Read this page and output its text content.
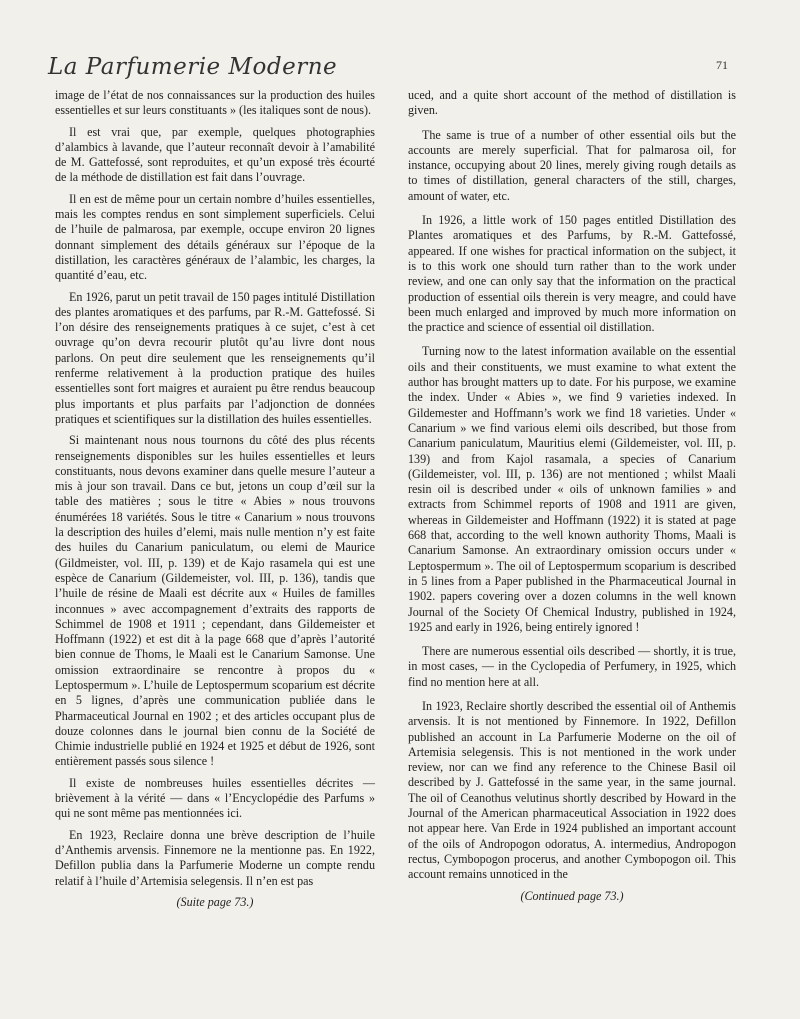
La Parfumerie Moderne	71

image de l’état de nos connaissances sur la production des huiles essentielles et sur leurs constituants » (les italiques sont de nous).

Il est vrai que, par exemple, quelques photographies d’alambics à lavande, que l’auteur reconnaît devoir à l’amabilité de M. Gattefossé, sont reproduites, et qu’un exposé très écourté de la méthode de distillation est fait dans l’ouvrage.

Il en est de même pour un certain nombre d’huiles essentielles, mais les comptes rendus en sont simplement superficiels. Celui de l’huile de palmarosa, par exemple, occupe environ 20 lignes donnant simplement des détails généraux sur l’époque de la distillation, les caractères généraux de l’alambic, les charges, la quantité d’eau, etc.

En 1926, parut un petit travail de 150 pages intitulé Distillation des plantes aromatiques et des parfums, par R.-M. Gattefossé. Si l’on désire des renseignements pratiques à ce sujet, c’est à cet ouvrage qu’on devra recourir plutôt qu’au livre dont nous parlons. On peut dire seulement que les renseignements qu’il renferme relativement à la production pratique des huiles essentielles sont fort maigres et auraient pu être rendus beaucoup plus importants et plus parfaits par l’adjonction de données pratiques et scientifiques sur la distillation des huiles essentielles.

Si maintenant nous nous tournons du côté des plus récents renseignements disponibles sur les huiles essentielles et leurs constituants, nous devons examiner dans quelle mesure l’auteur a mis à jour son travail. Dans ce but, jetons un coup d’œil sur la table des matières ; sous le titre « Abies » nous trouvons énumérées 18 variétés. Sous le titre « Canarium » nous trouvons la description des huiles d’elemi, mais nulle mention n’y est faite des huiles du Canarium paniculatum, ou elemi de Maurice (Gildmeister, vol. III, p. 139) et de Kajo rasamela qui est une espèce de Canarium (Gildemeister, vol. III, p. 136), tandis que l’huile de résine de Maali est décrite aux « Huiles de familles inconnues » avec accompagnement d’extraits des rapports de Schimmel de 1908 et 1911 ; cependant, dans Gildemeister et Hoffmann (1922) et est dit à la page 668 que d’après l’autorité bien connue de Thoms, le Maali est le Canarium Samonse. Une omission extraordinaire se rencontre à propos du « Leptospermum ». L’huile de Leptospermum scoparium est décrite en 5 lignes, d’après une communication publiée dans le Pharmaceutical Journal en 1902 ; et des articles occupant plus de douze colonnes dans le journal bien connu de la Société de Chimie industrielle publié en 1924 et 1925 et début de 1926, sont entièrement passés sous silence !

Il existe de nombreuses huiles essentielles décrites — brièvement à la vérité — dans « l’Encyclopédie des Parfums » qui ne sont même pas mentionnées ici.

En 1923, Reclaire donna une brève description de l’huile d’Anthemis arvensis. Finnemore ne la mentionne pas. En 1922, Defillon publia dans la Parfumerie Moderne un compte rendu relatif à l’huile d’Artemisia selegensis. Il n’en est pas

(Suite page 73.)

uced, and a quite short account of the method of distillation is given.

The same is true of a number of other essential oils but the accounts are merely superficial. That for palmarosa oil, for instance, occupying about 20 lines, merely giving rough details as to times of distillation, general characters of the still, charges, amount of water, etc.

In 1926, a little work of 150 pages entitled Distillation des Plantes aromatiques et des Parfums, by R.-M. Gattefossé, appeared. If one wishes for practical information on the subject, it is to this work one should turn rather than to the work under review, and one can only say that the information on the practical production of essential oils therein is very meagre, and could have been much enlarged and improved by much more information on the practice and science of essential oil distillation.

Turning now to the latest information available on the essential oils and their constituents, we must examine to what extent the author has brought matters up to date. For his purpose, we examine the index. Under « Abies », we find 9 varieties indexed. In Gildemester and Hoffmann’s work we find 18 varieties. Under « Canarium » we find various elemi oils described, but those from Canarium paniculatum, Mauritius elemi (Gildemeister, vol. III, p. 139) and from Kajol rasamala, a species of Canarium (Gildemeister, vol. III, p. 136) are not mentioned ; whilst Maali resin oil is described under « oils of unknown families » and extracts from Schimmel reports of 1908 and 1911 are given, whereas in Gildemeister and Hoffmann (1922) it is stated at page 668 that, according to the well known authority Thoms, Maali is Canarium Samonse. An extraordinary omission occurs under « Leptospermum ». The oil of Leptospermum scoparium is described in 5 lines from a Paper published in the Pharmaceutical Journal in 1902. papers covering over a dozen columns in the well known Journal of the Society Of Chemical Industry, published in 1924, 1925 and early in 1926, being entirely ignored !

There are numerous essential oils described — shortly, it is true, in most cases, — in the Cyclopedia of Perfumery, in 1925, which find no mention here at all.

In 1923, Reclaire shortly described the essential oil of Anthemis arvensis. It is not mentioned by Finnemore. In 1922, Defillon published an account in La Parfumerie Moderne on the oil of Artemisia selegensis. This is not mentioned in the work under review, nor can we find any reference to the Chinese Basil oil described by J. Gattefossé in the same year, in the same journal. The oil of Ceanothus velutinus shortly described by Howard in the Journal of the American pharmaceutical Association in 1922 does not appear here. Van Erde in 1924 published an important account of the oils of Andropogon odoratus, A. intermedius, Andropogon rectus, Cymbopogon procerus, and another Cymbopogon oil. This account remains unnoticed in the

(Continued page 73.)
